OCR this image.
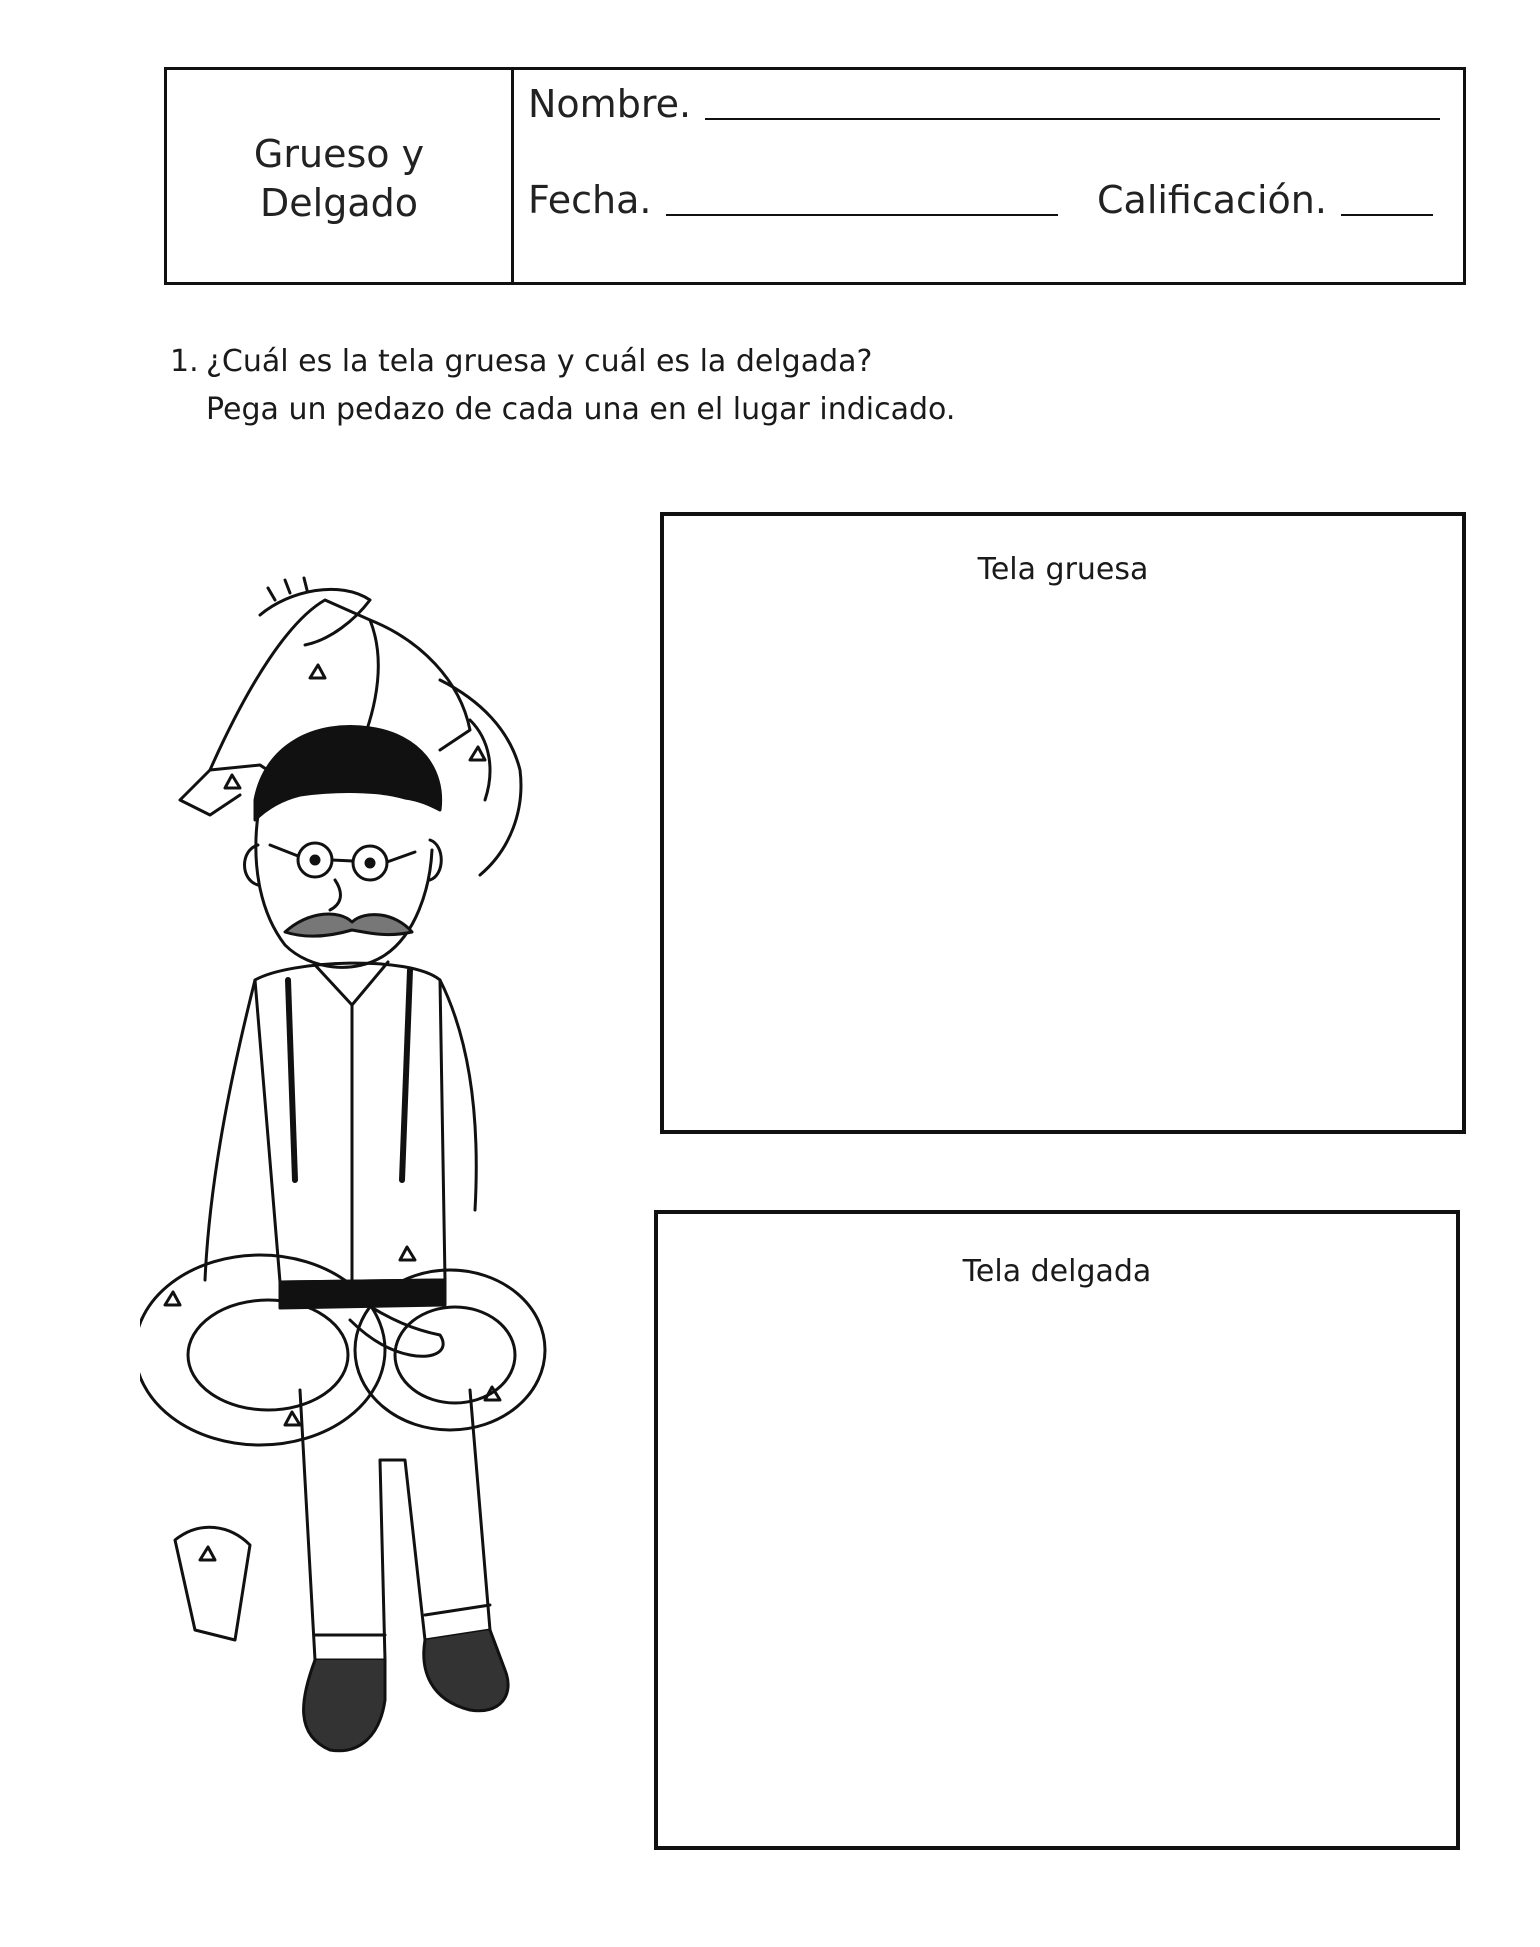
Grueso y
Delgado
Nombre.
Fecha.	Calificación.
1. ¿Cuál es la tela gruesa y cuál es la delgada?
Pega un pedazo de cada una en el lugar indicado.
Tela gruesa
Tela delgada
